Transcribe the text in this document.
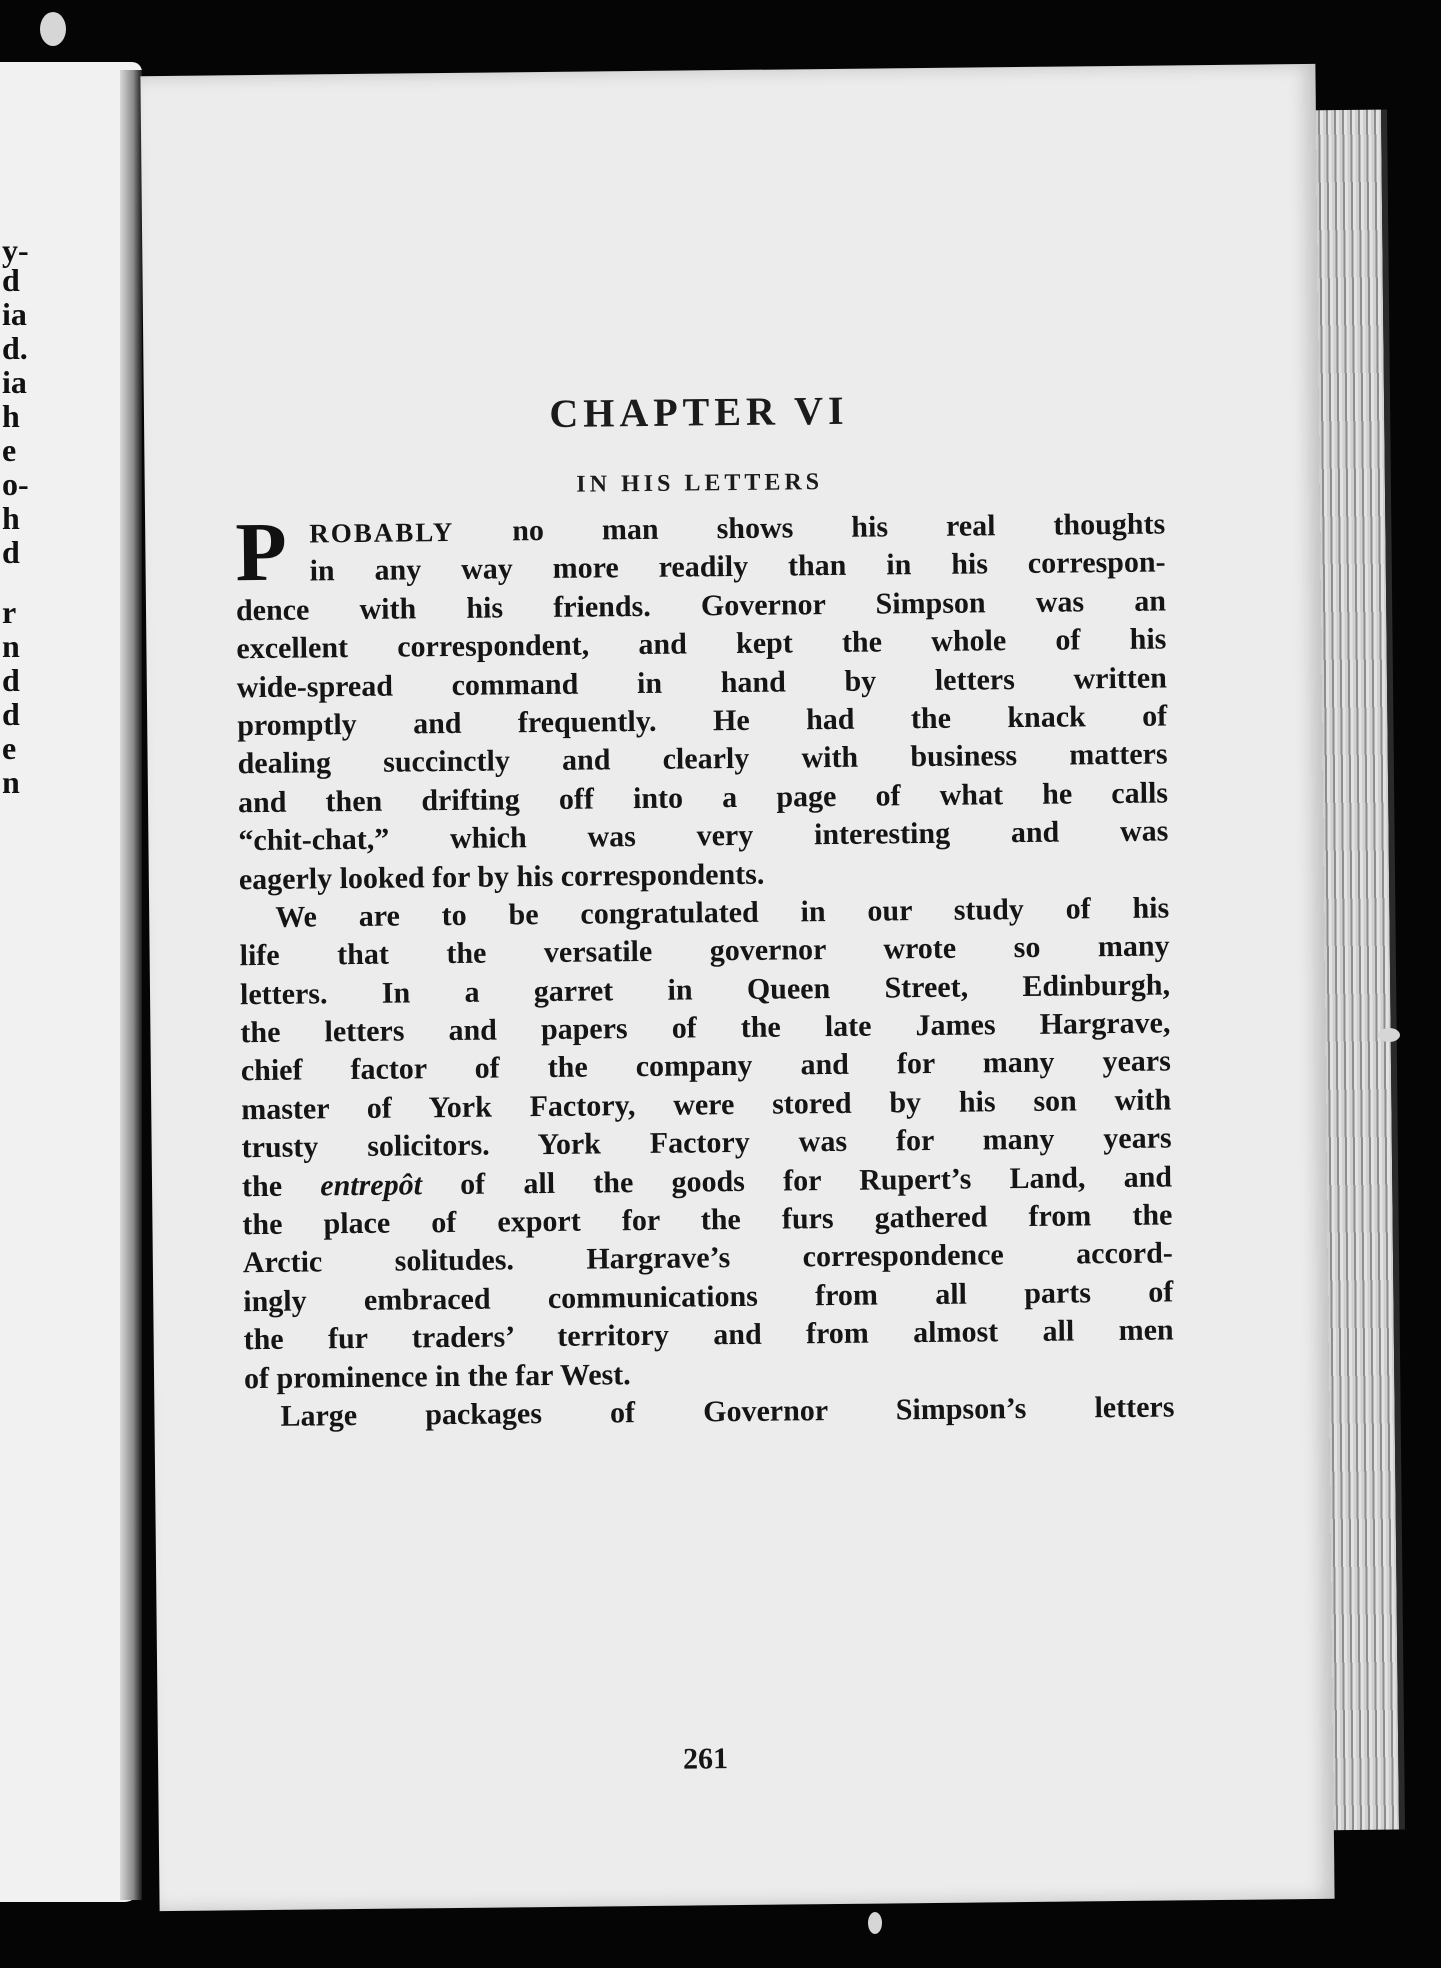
y-
d
ia
d.
ia
h
e
o-
h
d
r
n
d
d
e
n
CHAPTER VI
IN HIS LETTERS
P ROBABLY no man shows his real thoughts
in any way more readily than in his correspon-
dence with his friends. Governor Simpson was an
excellent correspondent, and kept the whole of his
wide-spread command in hand by letters written
promptly and frequently. He had the knack of
dealing succinctly and clearly with business matters
and then drifting off into a page of what he calls
“chit-chat,” which was very interesting and was
eagerly looked for by his correspondents.
We are to be congratulated in our study of his
life that the versatile governor wrote so many
letters. In a garret in Queen Street, Edinburgh,
the letters and papers of the late James Hargrave,
chief factor of the company and for many years
master of York Factory, were stored by his son with
trusty solicitors. York Factory was for many years
the entrepôt of all the goods for Rupert’s Land, and
the place of export for the furs gathered from the
Arctic solitudes. Hargrave’s correspondence accord-
ingly embraced communications from all parts of
the fur traders’ territory and from almost all men
of prominence in the far West.
Large packages of Governor Simpson’s letters
261
